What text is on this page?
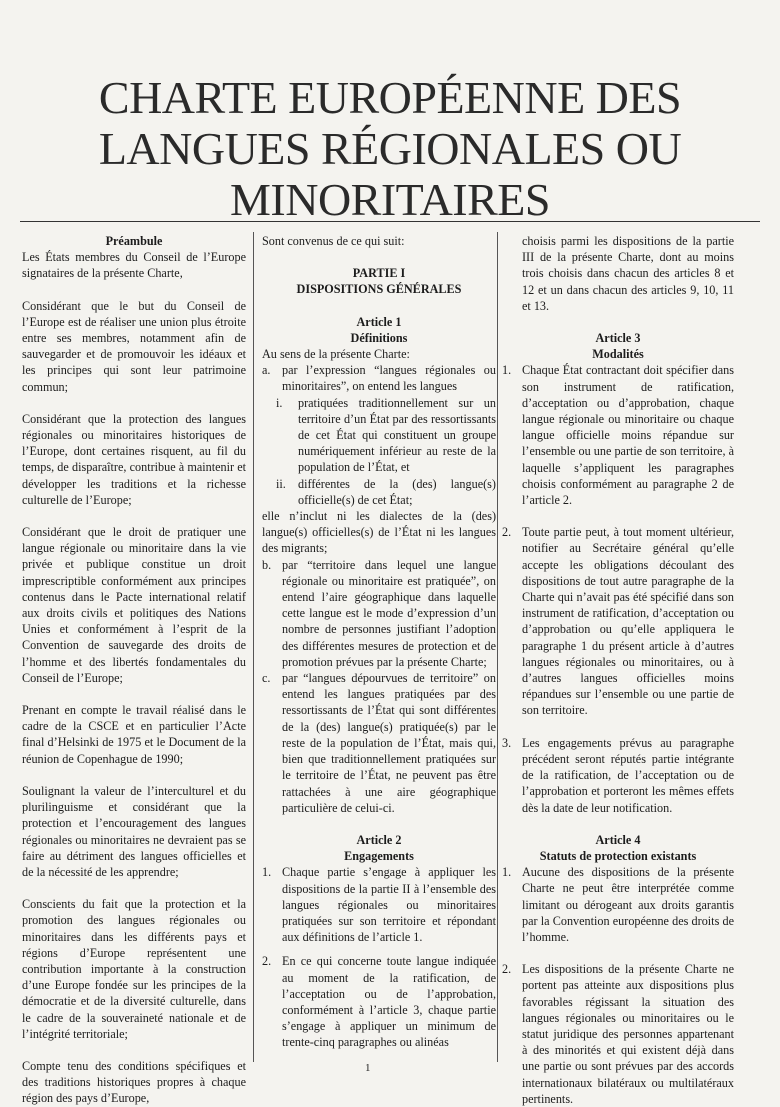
CHARTE EUROPÉENNE DES LANGUES RÉGIONALES OU MINORITAIRES
Préambule
Les États membres du Conseil de l’Europe signataires de la présente Charte,
Considérant que le but du Conseil de l’Europe est de réaliser une union plus étroite entre ses membres, notamment afin de sauvegarder et de promouvoir les idéaux et les principes qui sont leur patrimoine commun;
Considérant que la protection des langues régionales ou minoritaires historiques de l’Europe, dont certaines risquent, au fil du temps, de disparaître, contribue à maintenir et développer les traditions et la richesse culturelle de l’Europe;
Considérant que le droit de pratiquer une langue régionale ou minoritaire dans la vie privée et publique constitue un droit imprescriptible conformément aux principes contenus dans le Pacte international relatif aux droits civils et politiques des Nations Unies et conformément à l’esprit de la Convention de sauvegarde des droits de l’homme et des libertés fondamentales du Conseil de l’Europe;
Prenant en compte le travail réalisé dans le cadre de la CSCE et en particulier l’Acte final d’Helsinki de 1975 et le Document de la réunion de Copenhague de 1990;
Soulignant la valeur de l’interculturel et du plurilinguisme et considérant que la protection et l’encouragement des langues régionales ou minoritaires ne devraient pas se faire au détriment des langues officielles et de la nécessité de les apprendre;
Conscients du fait que la protection et la promotion des langues régionales ou minoritaires dans les différents pays et régions d’Europe représentent une contribution importante à la construction d’une Europe fondée sur les principes de la démocratie et de la diversité culturelle, dans le cadre de la souveraineté nationale et de l’intégrité territoriale;
Compte tenu des conditions spécifiques et des traditions historiques propres à chaque région des pays d’Europe,
Sont convenus de ce qui suit:
PARTIE I
DISPOSITIONS GÉNÉRALES
Article 1
Définitions
Au sens de la présente Charte:
a. par l’expression “langues régionales ou minoritaires”, on entend les langues
i.	pratiquées traditionnellement sur un territoire d’un État par des ressortissants de cet État qui constituent un groupe numériquement inférieur au reste de la population de l’État, et
ii. différentes de la (des) langue(s) officielle(s) de cet État;
elle n’inclut ni les dialectes de la (des) langue(s) officielles(s) de l’État ni les langues des migrants;
b. par “territoire dans lequel une langue régionale ou minoritaire est pratiquée”, on entend l’aire géographique dans laquelle cette langue est le mode d’expression d’un nombre de personnes justifiant l’adoption des différentes mesures de protection et de promotion prévues par la présente Charte;
c. par “langues dépourvues de territoire” on entend les langues pratiquées par des ressortissants de l’État qui sont différentes de la (des) langue(s) pratiquée(s) par le reste de la population de l’État, mais qui, bien que traditionnellement pratiquées sur le territoire de l’État, ne peuvent pas être rattachées à une aire géographique particulière de celui-ci.
Article 2
Engagements
1. Chaque partie s’engage à appliquer les dispositions de la partie II à l’ensemble des langues régionales ou minoritaires pratiquées sur son territoire et répondant aux définitions de l’article 1.
2. En ce qui concerne toute langue indiquée au moment de la ratification, de l’acceptation ou de l’approbation, conformément à l’article 3, chaque partie s’engage à appliquer un minimum de trente-cinq paragraphes ou alinéas
choisis parmi les dispositions de la partie III de la présente Charte, dont au moins trois choisis dans chacun des articles 8 et 12 et un dans chacun des articles 9, 10, 11 et 13.
Article 3
Modalités
1. Chaque État contractant doit spécifier dans son instrument de ratification, d’acceptation ou d’approbation, chaque langue régionale ou minoritaire ou chaque langue officielle moins répandue sur l’ensemble ou une partie de son territoire, à laquelle s’appliquent les paragraphes choisis conformément au paragraphe 2 de l’article 2.
2. Toute partie peut, à tout moment ultérieur, notifier au Secrétaire général qu’elle accepte les obligations découlant des dispositions de tout autre paragraphe de la Charte qui n’avait pas été spécifié dans son instrument de ratification, d’acceptation ou d’approbation ou qu’elle appliquera le paragraphe 1 du présent article à d’autres langues régionales ou minoritaires, ou à d’autres langues officielles moins répandues sur l’ensemble ou une partie de son territoire.
3. Les engagements prévus au paragraphe précédent seront réputés partie intégrante de la ratification, de l’acceptation ou de l’approbation et porteront les mêmes effets dès la date de leur notification.
Article 4
Statuts de protection existants
1. Aucune des dispositions de la présente Charte ne peut être interprétée comme limitant ou dérogeant aux droits garantis par la Convention européenne des droits de l’homme.
2. Les dispositions de la présente Charte ne portent pas atteinte aux dispositions plus favorables régissant la situation des langues régionales ou minoritaires ou le statut juridique des personnes appartenant à des minorités et qui existent déjà dans une partie ou sont prévues par des accords internationaux bilatéraux ou multilatéraux pertinents.
1
